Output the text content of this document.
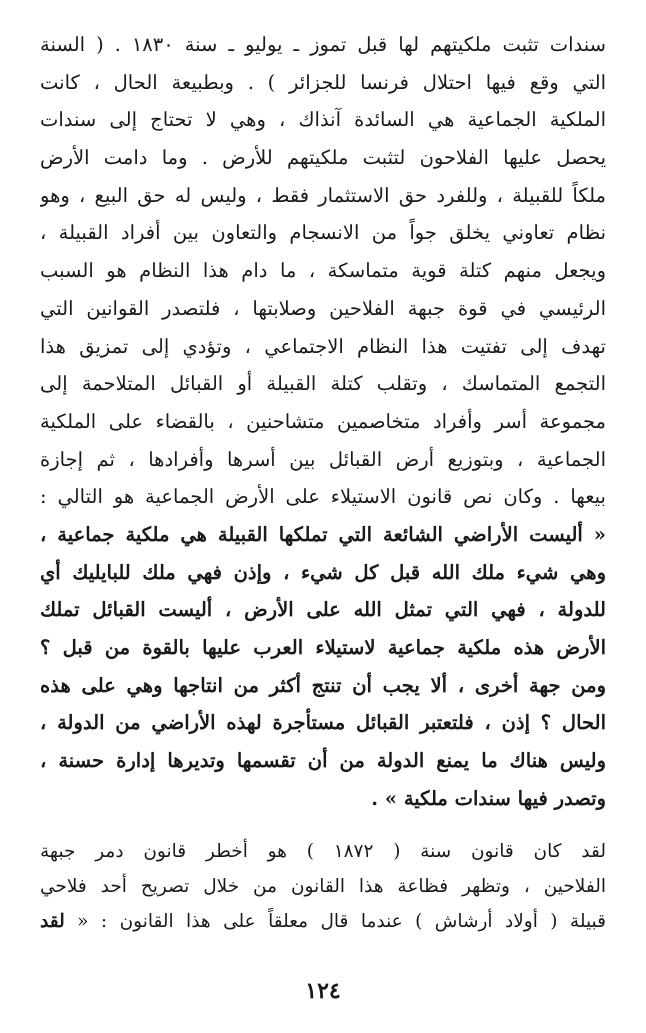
سندات تثبت ملكيتهم لها قبل تموز ـ يوليو ـ سنة ١٨٣٠ . ( السنة
التي وقع فيها احتلال فرنسا للجزائر ) . وبطبيعة الحال ، كانت
الملكية الجماعية هي السائدة آنذاك ، وهي لا تحتاج إلى سندات
يحصل عليها الفلاحون لتثبت ملكيتهم للأرض . وما دامت الأرض
ملكاً للقبيلة ، وللفرد حق الاستثمار فقط ، وليس له حق البيع ، وهو
نظام تعاوني يخلق جواً من الانسجام والتعاون بين أفراد القبيلة ،
ويجعل منهم كتلة قوية متماسكة ، ما دام هذا النظام هو السبب
الرئيسي في قوة جبهة الفلاحين وصلابتها ، فلتصدر القوانين التي
تهدف إلى تفتيت هذا النظام الاجتماعي ، وتؤدي إلى تمزيق هذا
التجمع المتماسك ، وتقلب كتلة القبيلة أو القبائل المتلاحمة إلى
مجموعة أسر وأفراد متخاصمين متشاحنين ، بالقضاء على الملكية
الجماعية ، وبتوزيع أرض القبائل بين أسرها وأفرادها ، ثم إجازة
بيعها . وكان نص قانون الاستيلاء على الأرض الجماعية هو التالي :
« أليست الأراضي الشائعة التي تملكها القبيلة هي ملكية جماعية ،
وهي شيء ملك الله قبل كل شيء ، وإذن فهي ملك للبايليك أي
للدولة ، فهي التي تمثل الله على الأرض ، أليست القبائل تملك
الأرض هذه ملكية جماعية لاستيلاء العرب عليها بالقوة من قبل ؟
ومن جهة أخرى ، ألا يجب أن تنتج أكثر من انتاجها وهي على هذه
الحال ؟ إذن ، فلتعتبر القبائل مستأجرة لهذه الأراضي من الدولة ،
وليس هناك ما يمنع الدولة من أن تقسمها وتديرها إدارة حسنة ،
وتصدر فيها سندات ملكية » .
لقد كان قانون سنة ( ١٨٧٢ ) هو أخطر قانون دمر جبهة
الفلاحين ، وتظهر فظاعة هذا القانون من خلال تصريح أحد فلاحي
قبيلة ( أولاد أرشاش ) عندما قال معلقاً على هذا القانون : « لقد
١٢٤
